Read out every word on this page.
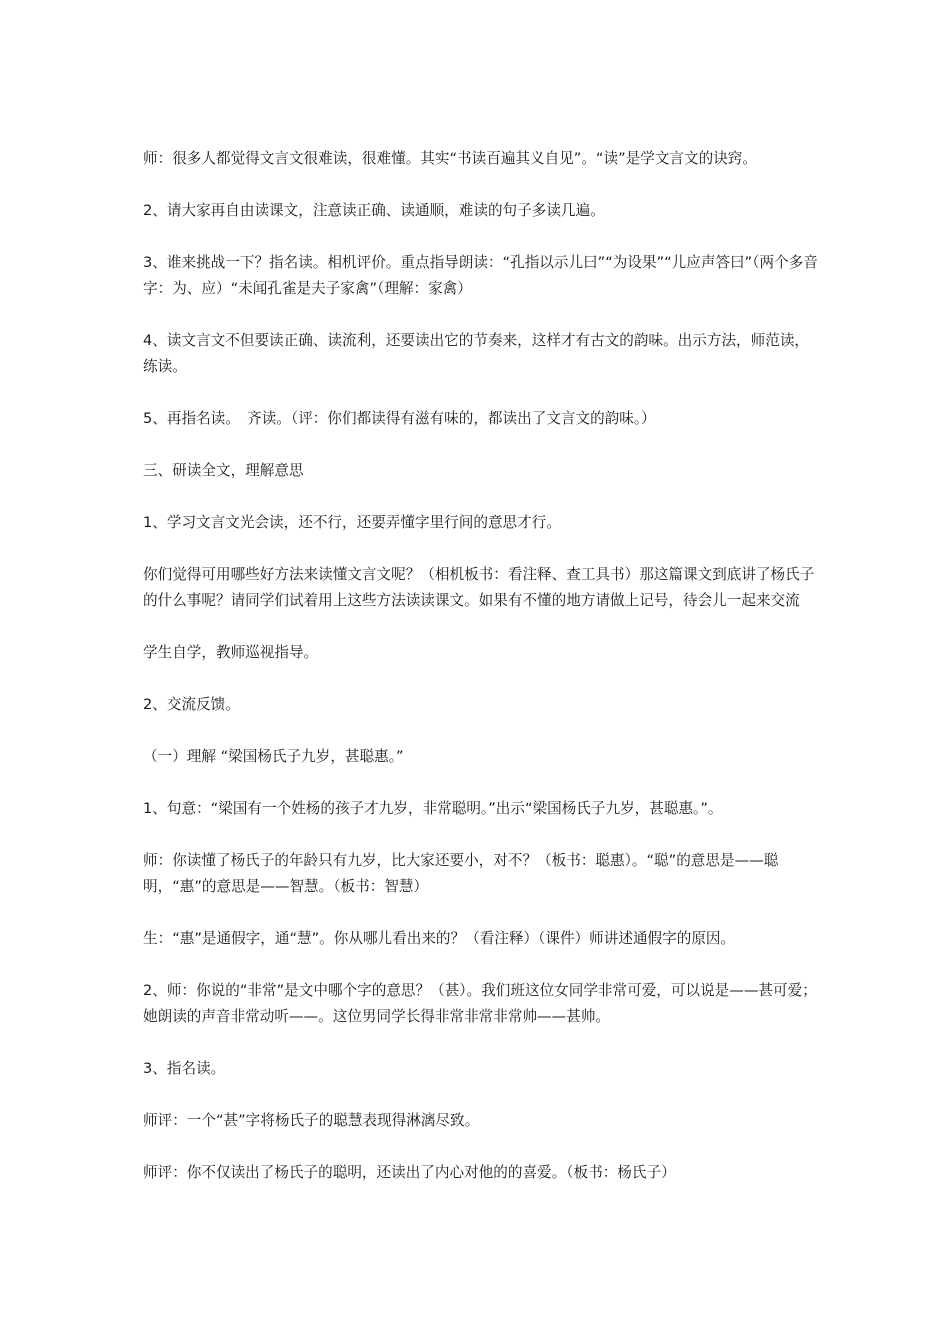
师：很多人都觉得文言文很难读，很难懂。其实“书读百遍其义自见”。“读”是学文言文的诀窍。

2、请大家再自由读课文，注意读正确、读通顺，难读的句子多读几遍。

3、谁来挑战一下？指名读。相机评价。重点指导朗读：“孔指以示儿曰”“为设果”“儿应声答曰”（两个多音字：为、应）“未闻孔雀是夫子家禽”（理解：家禽）

4、读文言文不但要读正确、读流利，还要读出它的节奏来，这样才有古文的韵味。出示方法，师范读，练读。

5、再指名读。　齐读。（评：你们都读得有滋有味的，都读出了文言文的韵味。）

三、研读全文，理解意思

1、学习文言文光会读，还不行，还要弄懂字里行间的意思才行。

你们觉得可用哪些好方法来读懂文言文呢？（相机板书：看注释、查工具书）那这篇课文到底讲了杨氏子的什么事呢？请同学们试着用上这些方法读读课文。如果有不懂的地方请做上记号，待会儿一起来交流

学生自学，教师巡视指导。

2、交流反馈。

（一）理解 “梁国杨氏子九岁，甚聪惠。”

1、句意：“梁国有一个姓杨的孩子才九岁，非常聪明。”出示“梁国杨氏子九岁，甚聪惠。”。

师：你读懂了杨氏子的年龄只有九岁，比大家还要小，对不？（板书：聪惠）。“聪”的意思是——聪明，“惠”的意思是——智慧。（板书：智慧）

生：“惠”是通假字，通“慧”。你从哪儿看出来的？（看注释）（课件）师讲述通假字的原因。

2、师：你说的“非常”是文中哪个字的意思？（甚）。我们班这位女同学非常可爱，可以说是——甚可爱；她朗读的声音非常动听——。这位男同学长得非常非常非常帅——甚帅。

3、指名读。

师评：一个“甚”字将杨氏子的聪慧表现得淋漓尽致。

师评：你不仅读出了杨氏子的聪明，还读出了内心对他的的喜爱。（板书：杨氏子）
